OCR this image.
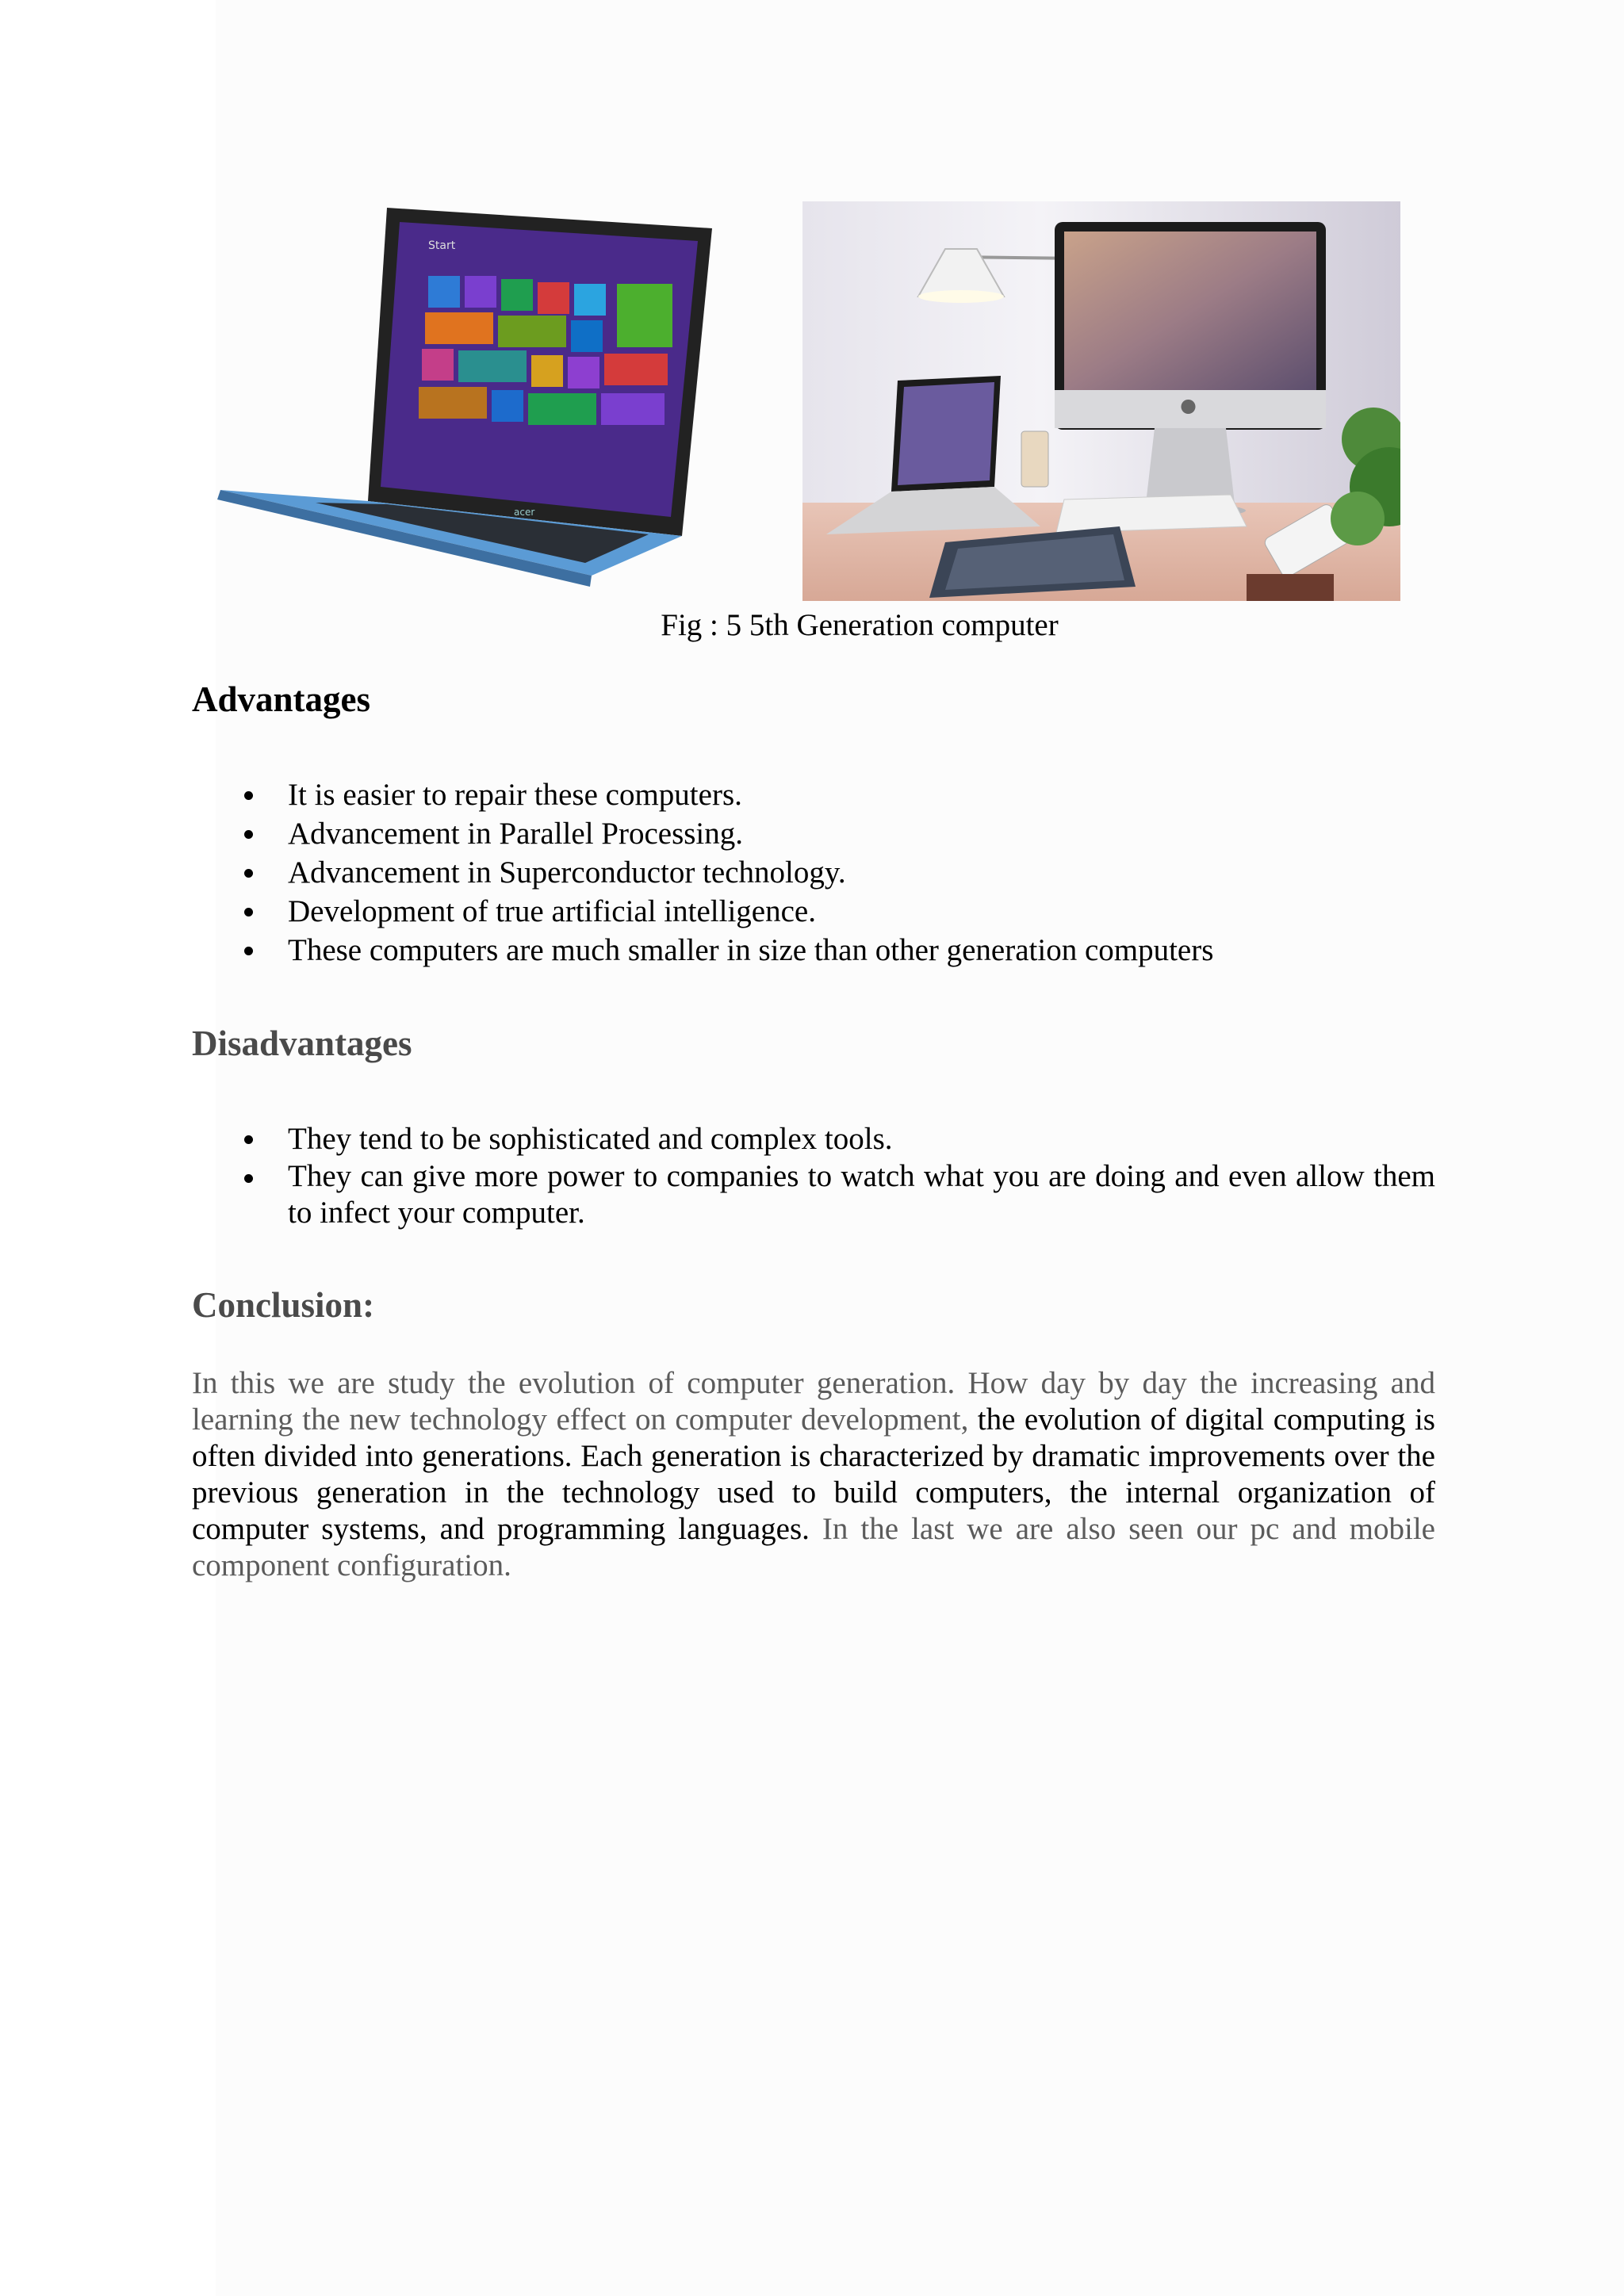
Start
acer
Fig : 5 5th Generation computer
Advantages
It is easier to repair these computers.
Advancement in Parallel Processing.
Advancement in Superconductor technology.
Development of true artificial intelligence.
These computers are much smaller in size than other generation computers
Disadvantages
They tend to be sophisticated and complex tools.
They can give more power to companies to watch what you are doing and even allow them to infect your computer.
Conclusion:

In this we are study the evolution of computer generation. How day by day the increasing and learning the new technology effect on computer development, the evolution of digital computing is often divided into generations. Each generation is characterized by dramatic improvements over the previous generation in the technology used to build computers, the internal organization of computer systems, and programming languages. In the last we are also seen our pc and mobile component configuration.
